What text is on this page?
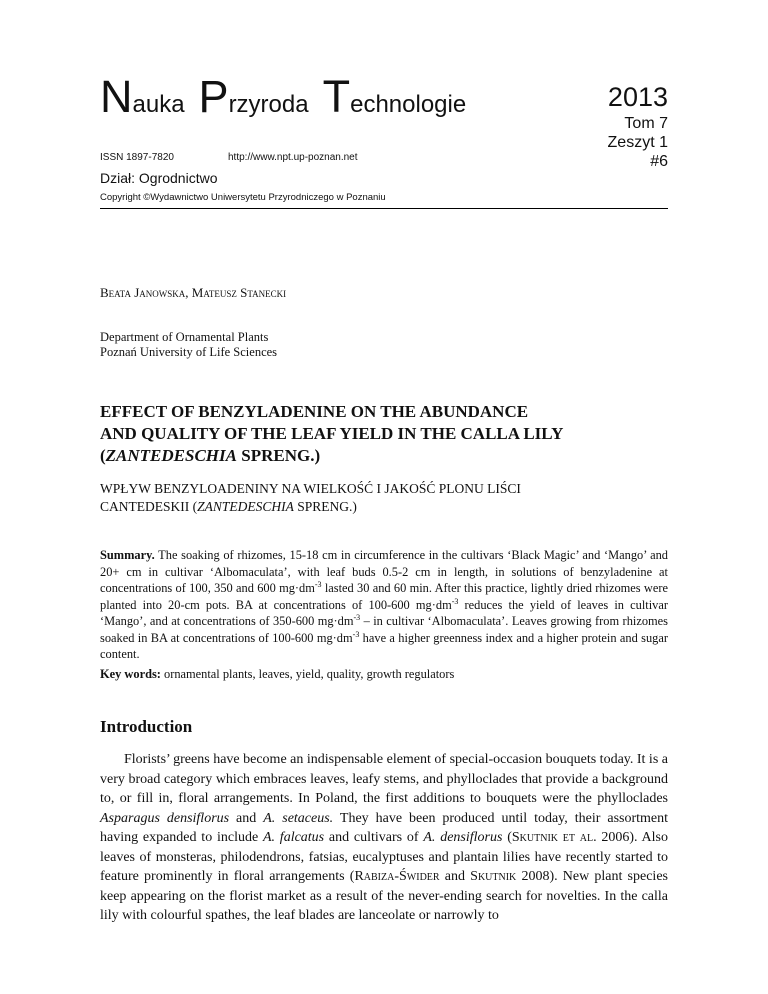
Nauka Przyroda Technologie
ISSN 1897-7820	http://www.npt.up-poznan.net
Dział: Ogrodnictwo
Copyright ©Wydawnictwo Uniwersytetu Przyrodniczego w Poznaniu
2013
Tom 7
Zeszyt 1
#6
Beata Janowska, Mateusz Stanecki
Department of Ornamental Plants
Poznań University of Life Sciences
EFFECT OF BENZYLADENINE ON THE ABUNDANCE
AND QUALITY OF THE LEAF YIELD IN THE CALLA LILY
(ZANTEDESCHIA SPRENG.)
WPŁYW BENZYLOADENINY NA WIELKOŚĆ I JAKOŚĆ PLONU LIŚCI
CANTEDESKII (ZANTEDESCHIA SPRENG.)
Summary. The soaking of rhizomes, 15-18 cm in circumference in the cultivars ‘Black Magic’ and ‘Mango’ and 20+ cm in cultivar ‘Albomaculata’, with leaf buds 0.5-2 cm in length, in solutions of benzyladenine at concentrations of 100, 350 and 600 $mg\cdot dm^{-3}$ lasted 30 and 60 min. After this practice, lightly dried rhizomes were planted into 20-cm pots. BA at concentrations of 100-600 $mg\cdot dm^{-3}$ reduces the yield of leaves in cultivar ‘Mango’, and at concentrations of 350-600 $mg\cdot dm^{-3}$ – in cultivar ‘Albomaculata’. Leaves growing from rhizomes soaked in BA at concentrations of 100-600 $mg\cdot dm^{-3}$ have a higher greenness index and a higher protein and sugar content.
Key words: ornamental plants, leaves, yield, quality, growth regulators
Introduction
Florists’ greens have become an indispensable element of special-occasion bouquets today. It is a very broad category which embraces leaves, leafy stems, and phylloclades that provide a background to, or fill in, floral arrangements. In Poland, the first additions to bouquets were the phylloclades Asparagus densiflorus and A. setaceus. They have been produced until today, their assortment having expanded to include A. falcatus and cultivars of A. densiflorus (Skutnik et al. 2006). Also leaves of monsteras, philodendrons, fatsias, eucalyptuses and plantain lilies have recently started to feature prominently in floral arrangements (Rabiza-Świder and Skutnik 2008). New plant species keep appearing on the florist market as a result of the never-ending search for novelties. In the calla lily with colourful spathes, the leaf blades are lanceolate or narrowly to
